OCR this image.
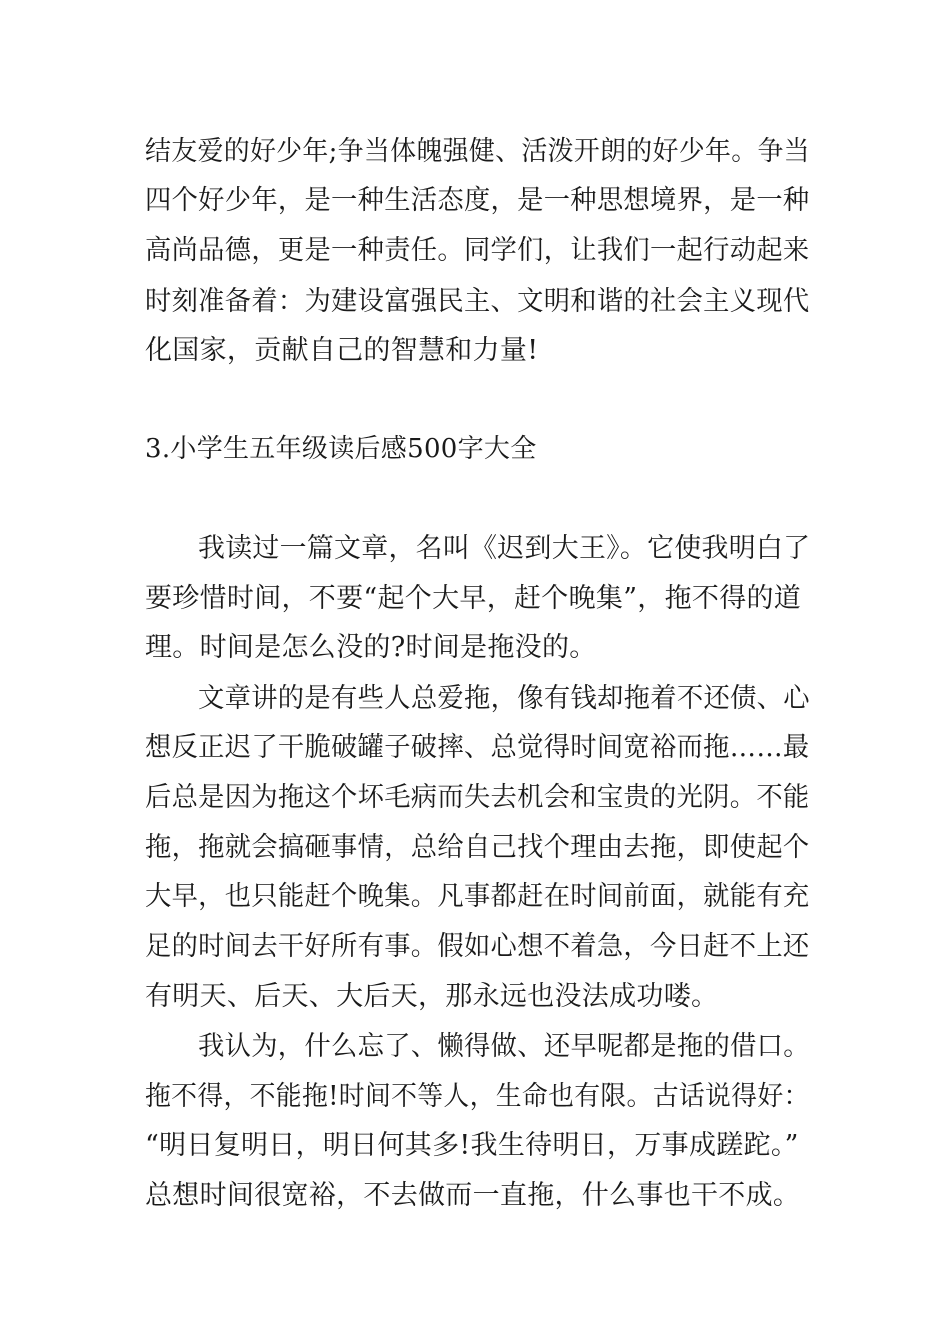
结友爱的好少年;争当体魄强健、活泼开朗的好少年。争当
四个好少年，是一种生活态度，是一种思想境界，是一种
高尚品德，更是一种责任。同学们，让我们一起行动起来
时刻准备着：为建设富强民主、文明和谐的社会主义现代
化国家，贡献自己的智慧和力量!
3.小学生五年级读后感500字大全
我读过一篇文章，名叫《迟到大王》。它使我明白了
要珍惜时间，不要“起个大早，赶个晚集”，拖不得的道
理。时间是怎么没的?时间是拖没的。
文章讲的是有些人总爱拖，像有钱却拖着不还债、心
想反正迟了干脆破罐子破摔、总觉得时间宽裕而拖……最
后总是因为拖这个坏毛病而失去机会和宝贵的光阴。不能
拖，拖就会搞砸事情，总给自己找个理由去拖，即使起个
大早，也只能赶个晚集。凡事都赶在时间前面，就能有充
足的时间去干好所有事。假如心想不着急，今日赶不上还
有明天、后天、大后天，那永远也没法成功喽。
我认为，什么忘了、懒得做、还早呢都是拖的借口。
拖不得，不能拖!时间不等人，生命也有限。古话说得好：
“明日复明日，明日何其多!我生待明日，万事成蹉跎。”
总想时间很宽裕，不去做而一直拖，什么事也干不成。
